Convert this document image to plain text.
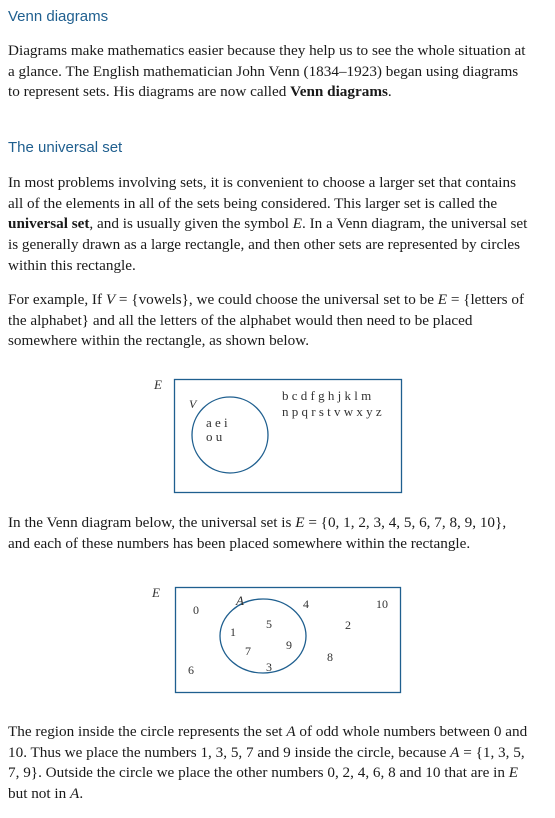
Venn diagrams
Diagrams make mathematics easier because they help us to see the whole situation at a glance. The English mathematician John Venn (1834–1923) began using diagrams to represent sets. His diagrams are now called Venn diagrams.
The universal set
In most problems involving sets, it is convenient to choose a larger set that contains all of the elements in all of the sets being considered. This larger set is called the universal set, and is usually given the symbol E. In a Venn diagram, the universal set is generally drawn as a large rectangle, and then other sets are represented by circles within this rectangle.
For example, If V = {vowels}, we could choose the universal set to be E = {letters of the alphabet} and all the letters of the alphabet would then need to be placed somewhere within the rectangle, as shown below.
E
V
a e i
o u
b c d f g h j k l m
n p q r s t v w x y z
In the Venn diagram below, the universal set is E = {0, 1, 2, 3, 4, 5, 6, 7, 8, 9, 10}, and each of these numbers has been placed somewhere within the rectangle.
E
A
1
5
7	9
3
0	4	10
2
8
6
The region inside the circle represents the set A of odd whole numbers between 0 and 10. Thus we place the numbers 1, 3, 5, 7 and 9 inside the circle, because A = {1, 3, 5, 7, 9}. Outside the circle we place the other numbers 0, 2, 4, 6, 8 and 10 that are in E but not in A.
